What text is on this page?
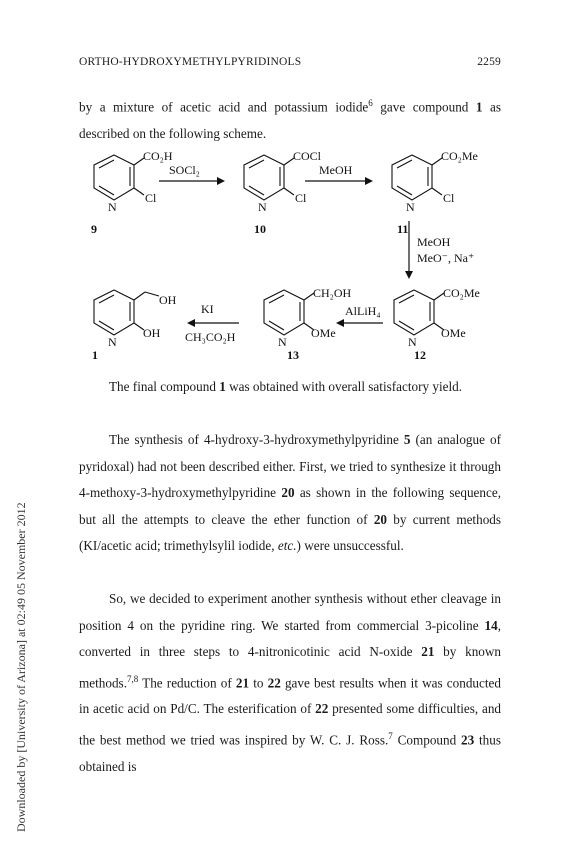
ORTHO-HYDROXYMETHYLPYRIDINOLS	2259
Downloaded by [University of Arizona] at 02:49 05 November 2012

by a mixture of acetic acid and potassium iodide$^6$ gave compound 1 as described on the following scheme.

CO₂H
N
Cl
9
SOCl₂
COCl
N
Cl
10
MeOH
CO₂Me
N
Cl
11
MeOH
MeO⁻, Na⁺
CO₂Me
N
OMe
12
AlLiH₄
CH₂OH
N
OMe
13
KI
CH₃CO₂H
OH
N
OH
1

The final compound 1 was obtained with overall satisfactory yield.

The synthesis of 4-hydroxy-3-hydroxymethylpyridine 5 (an analogue of pyridoxal) had not been described either. First, we tried to synthesize it through 4-methoxy-3-hydroxymethylpyridine 20 as shown in the following sequence, but all the attempts to cleave the ether function of 20 by current methods (KI/acetic acid; trimethylsylil iodide, etc.) were unsuccessful.

So, we decided to experiment another synthesis without ether cleavage in position 4 on the pyridine ring. We started from commercial 3-picoline 14, converted in three steps to 4-nitronicotinic acid N-oxide 21 by known methods.$^{7,8}$ The reduction of 21 to 22 gave best results when it was conducted in acetic acid on Pd/C. The esterification of 22 presented some difficulties, and the best method we tried was inspired by W. C. J. Ross.$^7$ Compound 23 thus obtained is
